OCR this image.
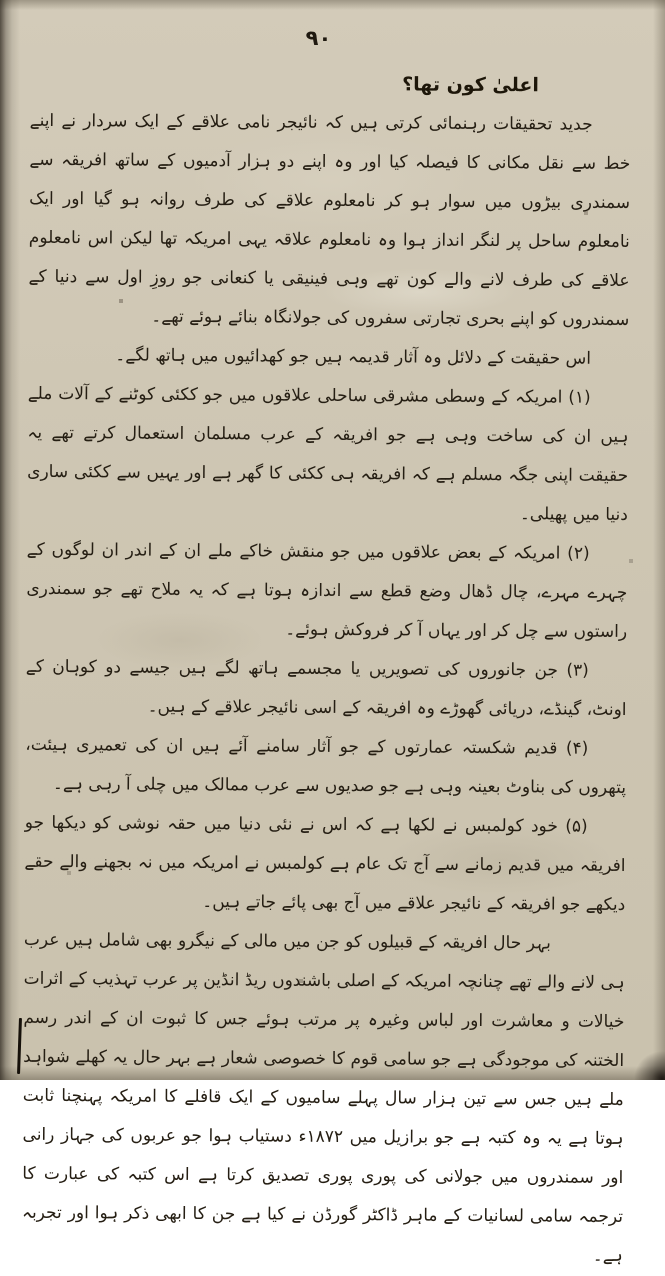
٩٠
اعلیٰ کون تھا؟

جدید تحقیقات رہنمائی کرتی ہیں کہ نائیجر نامی علاقے کے ایک سردار نے اپنے خط سے نقل مکانی کا فیصلہ کیا اور وہ اپنے دو ہزار آدمیوں کے ساتھ افریقہ سے سمندری بیڑوں میں سوار ہو کر نامعلوم علاقے کی طرف روانہ ہو گیا اور ایک نامعلوم ساحل پر لنگر انداز ہوا وہ نامعلوم علاقہ یہی امریکہ تھا لیکن اس نامعلوم علاقے کی طرف لانے والے کون تھے وہی فینیقی یا کنعانی جو روزِ اول سے دنیا کے سمندروں کو اپنے بحری تجارتی سفروں کی جولانگاہ بنائے ہوئے تھے۔

اس حقیقت کے دلائل وہ آثار قدیمہ ہیں جو کھدائیوں میں ہاتھ لگے۔

(۱) امریکہ کے وسطی مشرقی ساحلی علاقوں میں جو ککئی کوٹنے کے آلات ملے ہیں ان کی ساخت وہی ہے جو افریقہ کے عرب مسلمان استعمال کرتے تھے یہ حقیقت اپنی جگہ مسلم ہے کہ افریقہ ہی ککئی کا گھر ہے اور یہیں سے ککئی ساری دنیا میں پھیلی۔

(۲) امریکہ کے بعض علاقوں میں جو منقش خاکے ملے ان کے اندر ان لوگوں کے چہرے مہرے، چال ڈھال وضع قطع سے اندازہ ہوتا ہے کہ یہ ملاح تھے جو سمندری راستوں سے چل کر اور یہاں آ کر فروکش ہوئے۔

(۳) جن جانوروں کی تصویریں یا مجسمے ہاتھ لگے ہیں جیسے دو کوہان کے اونٹ، گینڈے، دریائی گھوڑے وہ افریقہ کے اسی نائیجر علاقے کے ہیں۔

(۴) قدیم شکستہ عمارتوں کے جو آثار سامنے آئے ہیں ان کی تعمیری ہیئت، پتھروں کی بناوٹ بعینہ وہی ہے جو صدیوں سے عرب ممالک میں چلی آ رہی ہے۔

(۵) خود کولمبس نے لکھا ہے کہ اس نے نئی دنیا میں حقہ نوشی کو دیکھا جو افریقہ میں قدیم زمانے سے آج تک عام ہے کولمبس نے امریکہ میں نہ بجھنے والے حقے دیکھے جو افریقہ کے نائیجر علاقے میں آج بھی پائے جاتے ہیں۔

بہر حال افریقہ کے قبیلوں کو جن میں مالی کے نیگرو بھی شامل ہیں عرب ہی لانے والے تھے چنانچہ امریکہ کے اصلی باشندوں ریڈ انڈین پر عرب تہذیب کے اثرات خیالات و معاشرت اور لباس وغیرہ پر مرتب ہوئے جس کا ثبوت ان کے اندر رسم الختنہ کی موجودگی ہے جو سامی قوم کا خصوصی شعار ہے بہر حال یہ کھلے شواہد ملے ہیں جس سے تین ہزار سال پہلے سامیوں کے ایک قافلے کا امریکہ پہنچنا ثابت ہوتا ہے یہ وہ کتبہ ہے جو برازیل میں ۱۸۷۲ء دستیاب ہوا جو عربوں کی جہاز رانی اور سمندروں میں جولانی کی پوری پوری تصدیق کرتا ہے اس کتبہ کی عبارت کا ترجمہ سامی لسانیات کے ماہر ڈاکٹر گورڈن نے کیا ہے جن کا ابھی ذکر ہوا اور تجربہ ہے۔
